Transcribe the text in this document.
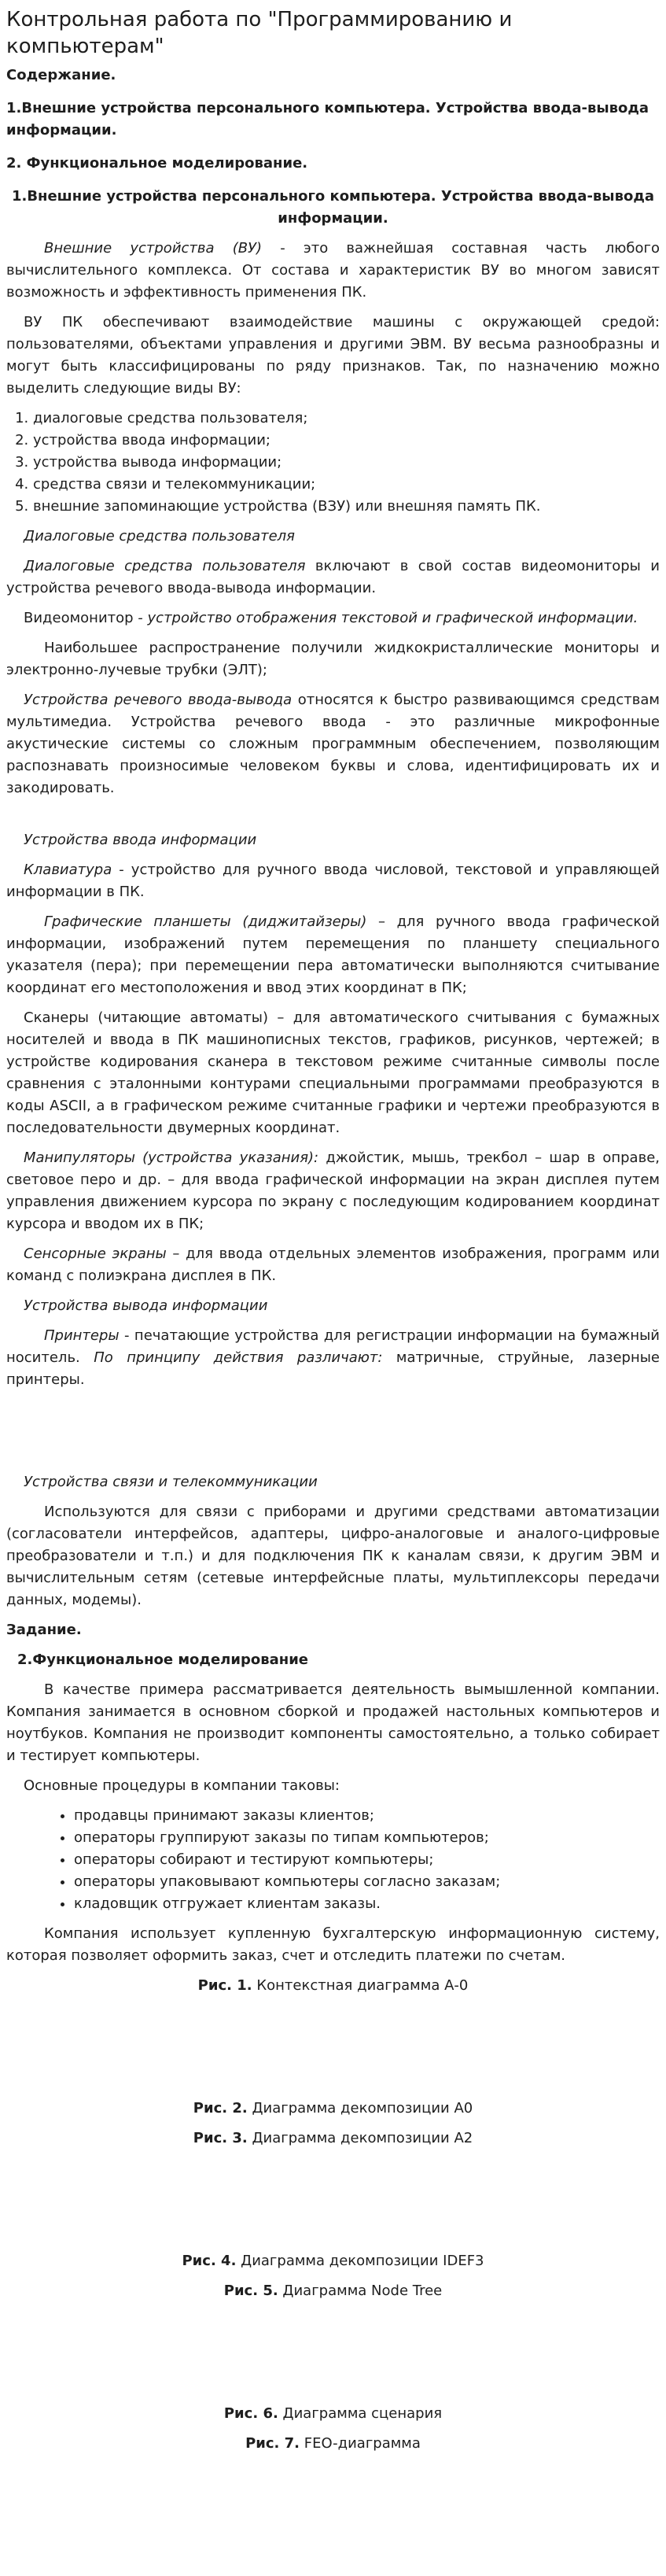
Контрольная работа по "Программированию и компьютерам"
Содержание.
1.Внешние устройства персонального компьютера. Устройства ввода-вывода информации.
2. Функциональное моделирование.
1.Внешние устройства персонального компьютера. Устройства ввода-вывода информации.

Внешние устройства (ВУ) - это важнейшая составная часть любого вычислительного комплекса. От состава и характеристик ВУ во многом зависят возможность и эффективность применения ПК.

ВУ ПК обеспечивают взаимодействие машины с окружающей средой: пользователями, объектами управления и другими ЭВМ. ВУ весьма разнообразны и могут быть классифицированы по ряду признаков. Так, по назначению можно выделить следующие виды ВУ:

1. диалоговые средства пользователя;
2. устройства ввода информации;
3. устройства вывода информации;
4. средства связи и телекоммуникации;
5. внешние запоминающие устройства (ВЗУ) или внешняя память ПК.
Диалоговые средства пользователя

Диалоговые средства пользователя включают в свой состав видеомониторы и устройства речевого ввода-вывода информации.

Видеомонитор - устройство отображения текстовой и графической информации.

Наибольшее распространение получили жидкокристаллические мониторы и электронно-лучевые трубки (ЭЛТ);

Устройства речевого ввода-вывода относятся к быстро развивающимся средствам мультимедиа. Устройства речевого ввода - это различные микрофонные акустические системы со сложным программным обеспечением, позволяющим распознавать произносимые человеком буквы и слова, идентифицировать их и закодировать.

Устройства ввода информации

Клавиатура - устройство для ручного ввода числовой, текстовой и управляющей информации в ПК.

Графические планшеты (диджитайзеры) – для ручного ввода графической информации, изображений путем перемещения по планшету специального указателя (пера); при перемещении пера автоматически выполняются считывание координат его местоположения и ввод этих координат в ПК;

Сканеры (читающие автоматы) – для автоматического считывания с бумажных носителей и ввода в ПК машинописных текстов, графиков, рисунков, чертежей; в устройстве кодирования сканера в текстовом режиме считанные символы после сравнения с эталонными контурами специальными программами преобразуются в коды ASCII, а в графическом режиме считанные графики и чертежи преобразуются в последовательности двумерных координат.

Манипуляторы (устройства указания): джойстик, мышь, трекбол – шар в оправе, световое перо и др. – для ввода графической информации на экран дисплея путем управления движением курсора по экрану с последующим кодированием координат курсора и вводом их в ПК;

Сенсорные экраны – для ввода отдельных элементов изображения, программ или команд с полиэкрана дисплея в ПК.

Устройства вывода информации

Принтеры - печатающие устройства для регистрации информации на бумажный носитель. По принципу действия различают: матричные, струйные, лазерные принтеры.

Устройства связи и телекоммуникации

Используются для связи с приборами и другими средствами автоматизации (согласователи интерфейсов, адаптеры, цифро-аналоговые и аналого-цифровые преобразователи и т.п.) и для подключения ПК к каналам связи, к другим ЭВМ и вычислительным сетям (сетевые интерфейсные платы, мультиплексоры передачи данных, модемы).

Задание.
2.Функциональное моделирование

В качестве примера рассматривается деятельность вымышленной компании. Компания занимается в основном сборкой и продажей настольных компьютеров и ноутбуков. Компания не производит компоненты самостоятельно, а только собирает и тестирует компьютеры.

Основные процедуры в компании таковы:

• продавцы принимают заказы клиентов;
• операторы группируют заказы по типам компьютеров;
• операторы собирают и тестируют компьютеры;
• операторы упаковывают компьютеры согласно заказам;
• кладовщик отгружает клиентам заказы.

Компания использует купленную бухгалтерскую информационную систему, которая позволяет оформить заказ, счет и отследить платежи по счетам.

Рис. 1. Контекстная диаграмма А-0
Рис. 2. Диаграмма декомпозиции А0
Рис. 3. Диаграмма декомпозиции А2
Рис. 4. Диаграмма декомпозиции IDEF3
Рис. 5. Диаграмма Node Tree
Рис. 6. Диаграмма сценария
Рис. 7. FEO-диаграмма
